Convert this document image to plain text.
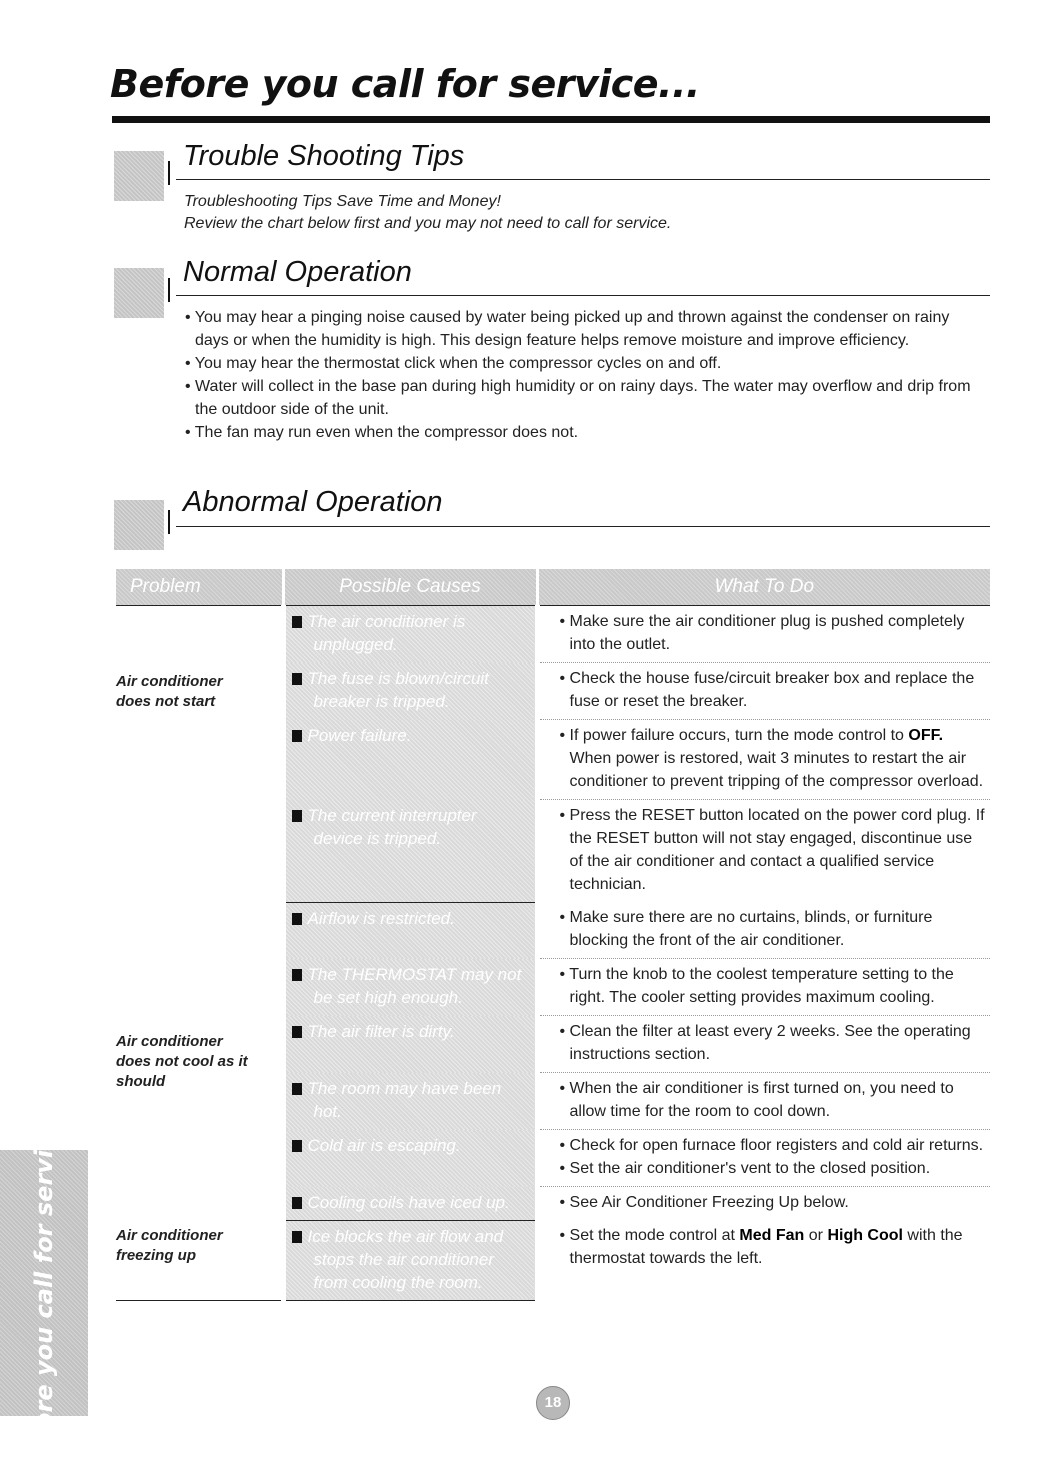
Before you call for service...
Trouble Shooting Tips

Troubleshooting Tips Save Time and Money!

Review the chart below first and you may not need to call for service.

Normal Operation
• You may hear a pinging noise caused by water being picked up and thrown against the condenser on rainy days or when the humidity is high. This design feature helps remove moisture and improve efficiency.
• You may hear the thermostat click when the compressor cycles on and off.
• Water will collect in the base pan during high humidity or on rainy days. The water may overflow and drip from the outdoor side of the unit.
• The fan may run even when the compressor does not.
Abnormal Operation
Problem	Possible Causes	What To Do

Air conditioner
does not start	The air conditioner is unplugged.	• Make sure the air conditioner plug is pushed completely into the outlet.

	The fuse is blown/circuit breaker is tripped.	• Check the house fuse/circuit breaker box and replace the fuse or reset the breaker.

	Power failure.	• If power failure occurs, turn the mode control to OFF. When power is restored, wait 3 minutes to restart the air conditioner to prevent tripping of the compressor overload.

	The current interrupter device is tripped.	• Press the RESET button located on the power cord plug. If the RESET button will not stay engaged, discontinue use of the air conditioner and contact a qualified service technician.

Air conditioner
does not cool as it
should	Airflow is restricted.	• Make sure there are no curtains, blinds, or furniture blocking the front of the air conditioner.

	The THERMOSTAT may not be set high enough.	• Turn the knob to the coolest temperature setting to the right. The cooler setting provides maximum cooling.

	The air filter is dirty.	• Clean the filter at least every 2 weeks. See the operating instructions section.

	The room may have been hot.	• When the air conditioner is first turned on, you need to allow time for the room to cool down.

	Cold air is escaping.	• Check for open furnace floor registers and cold air returns.

• Set the air conditioner's vent to the closed position.

	Cooling coils have iced up.	• See Air Conditioner Freezing Up below.

Air conditioner
freezing up	Ice blocks the air flow and stops the air conditioner from cooling the room.	• Set the mode control at Med Fan or High Cool with the thermostat towards the left.

Before you call for service...	18
